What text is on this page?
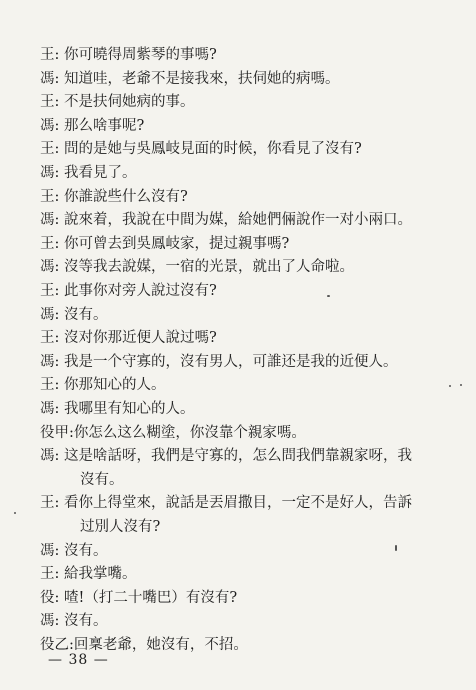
王: 你可曉得周紫琴的事嗎?
馮: 知道哇，老爺不是接我來，扶伺她的病嗎。
王: 不是扶伺她病的事。
馮: 那么啥事呢?
王: 問的是她与吳鳳岐見面的时候，你看見了沒有?
馮: 我看見了。
王: 你誰說些什么沒有?
馮: 說來着，我說在中間为媒，給她們倆說作一对小兩口。
王: 你可曾去到吳鳳岐家，提过親事嗎?
馮: 沒等我去說媒，一宿的光景，就出了人命啦。
王: 此事你对旁人說过沒有?
馮: 沒有。
王: 沒对你那近便人說过嗎?
馮: 我是一个守寡的，沒有男人，可誰还是我的近便人。
王: 你那知心的人。
馮: 我哪里有知心的人。
役甲:你怎么这么糊塗，你沒靠个親家嗎。
馮: 这是啥話呀，我們是守寡的，怎么問我們靠親家呀，我
沒有。
王: 看你上得堂來，說話是丟眉撒目，一定不是好人，告訴
过別人沒有?
馮: 沒有。
王: 給我掌嘴。
役: 喳!（打二十嘴巴）有沒有?
馮: 沒有。
役乙:回稟老爺，她沒有，不招。
— 38 —
